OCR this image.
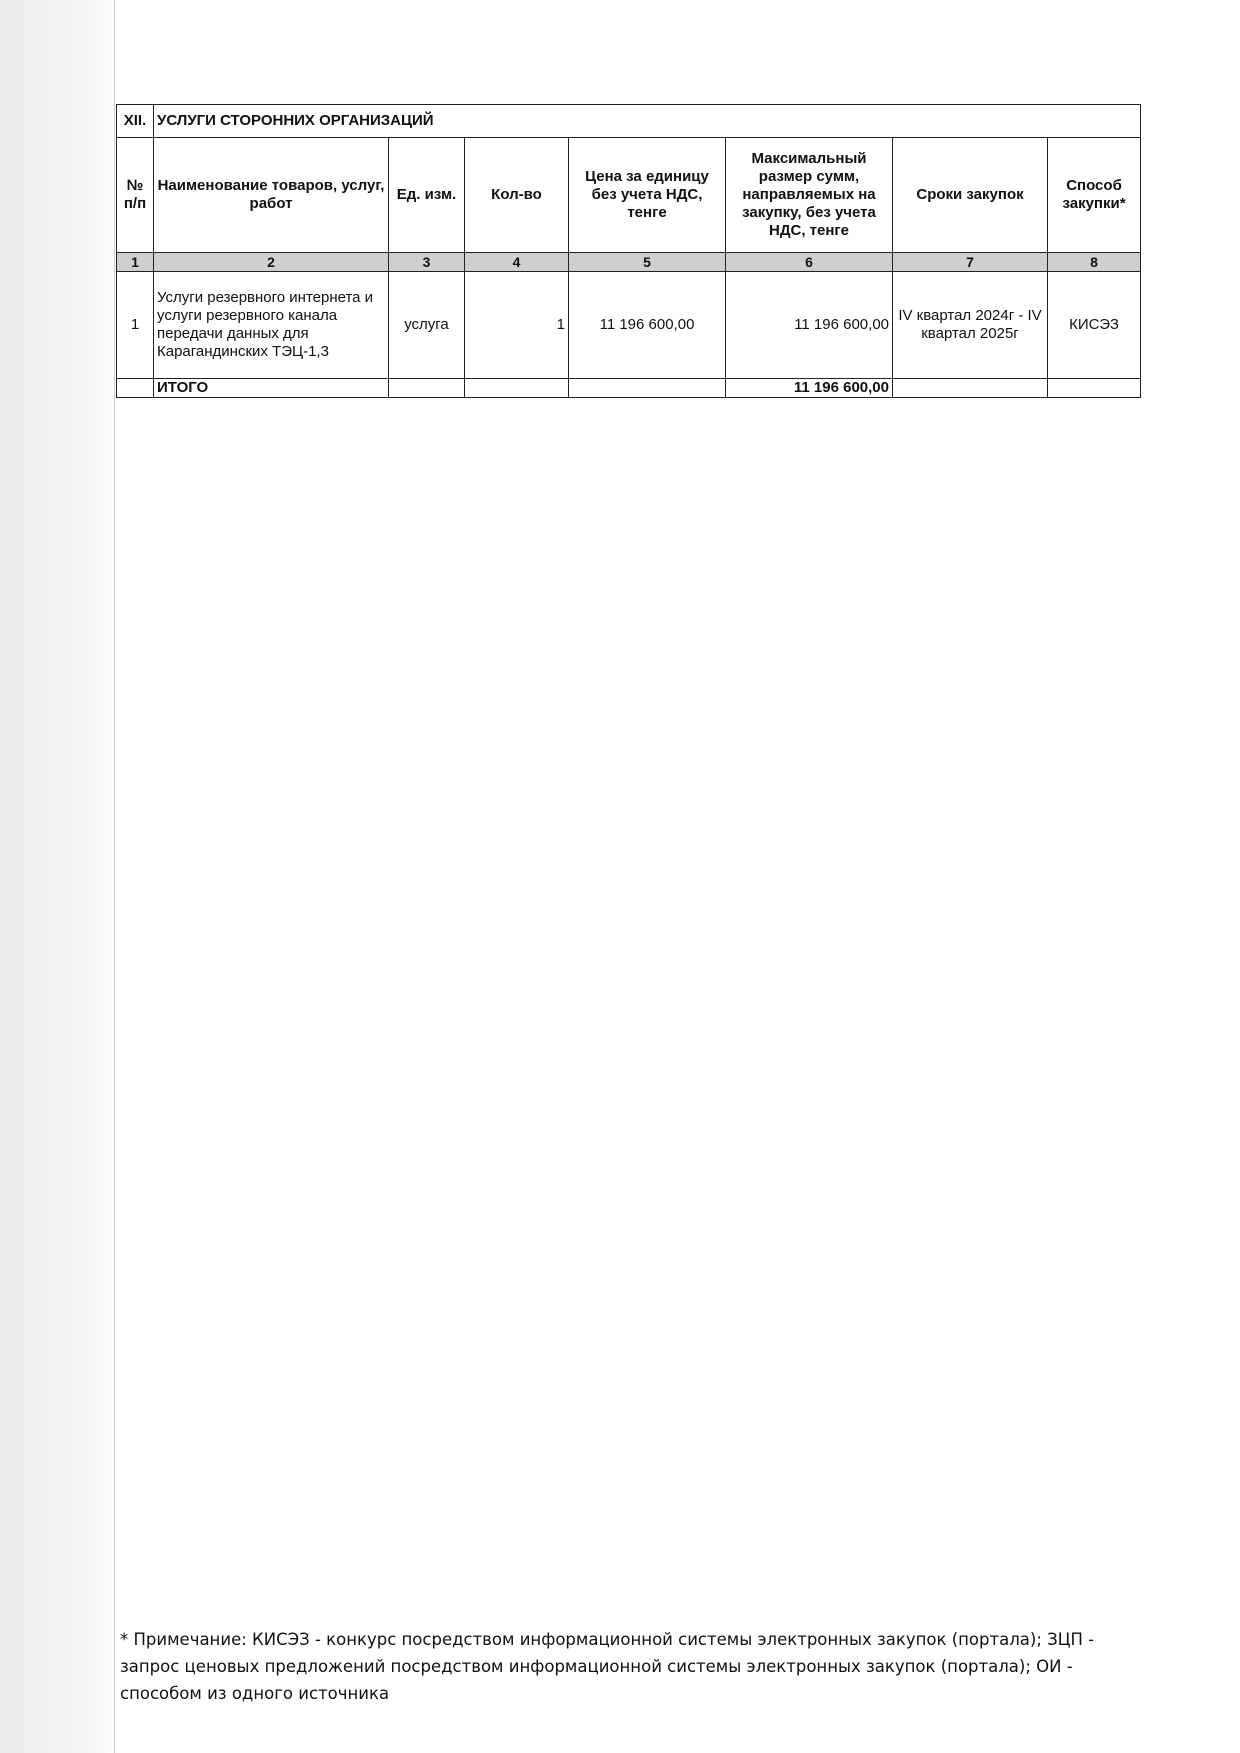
XII.	УСЛУГИ СТОРОННИХ ОРГАНИЗАЦИЙ						
№ п/п	Наименование товаров, услуг, работ	Ед. изм.	Кол-во	Цена за единицу без учета НДС, тенге	Максимальный размер сумм, направляемых на закупку, без учета НДС, тенге	Сроки закупок	Способ закупки*
1	2	3	4	5	6	7	8
1	Услуги резервного интернета и услуги резервного канала передачи данных для Карагандинских ТЭЦ-1,3	услуга	1	11 196 600,00	11 196 600,00	IV квартал 2024г - IV квартал 2025г	КИСЭЗ
	ИТОГО				11 196 600,00		

* Примечание: КИСЭЗ - конкурс посредством информационной системы электронных закупок (портала); ЗЦП - запрос ценовых предложений посредством информационной системы электронных закупок (портала); ОИ - способом из одного источника
